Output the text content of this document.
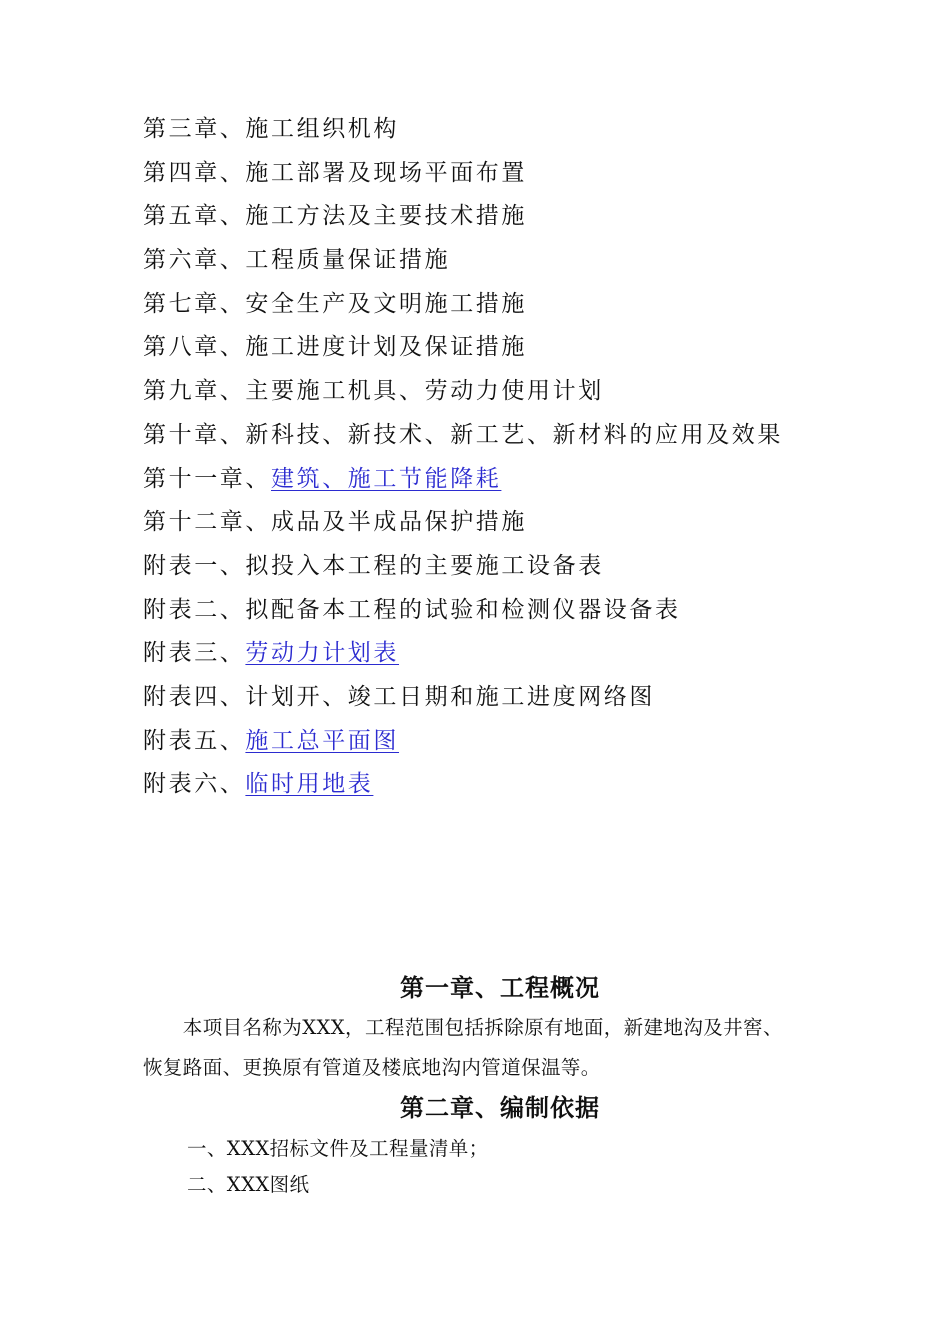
第三章、施工组织机构
第四章、施工部署及现场平面布置
第五章、施工方法及主要技术措施
第六章、工程质量保证措施
第七章、安全生产及文明施工措施
第八章、施工进度计划及保证措施
第九章、主要施工机具、劳动力使用计划
第十章、新科技、新技术、新工艺、新材料的应用及效果
第十一章、建筑、施工节能降耗
第十二章、成品及半成品保护措施
附表一、拟投入本工程的主要施工设备表
附表二、拟配备本工程的试验和检测仪器设备表
附表三、劳动力计划表
附表四、计划开、竣工日期和施工进度网络图
附表五、施工总平面图
附表六、临时用地表
第一章、工程概况
　　本项目名称为XXX，工程范围包括拆除原有地面，新建地沟及井窖、
恢复路面、更换原有管道及楼底地沟内管道保温等。
第二章、编制依据
一、XXX招标文件及工程量清单；
二、XXX图纸
